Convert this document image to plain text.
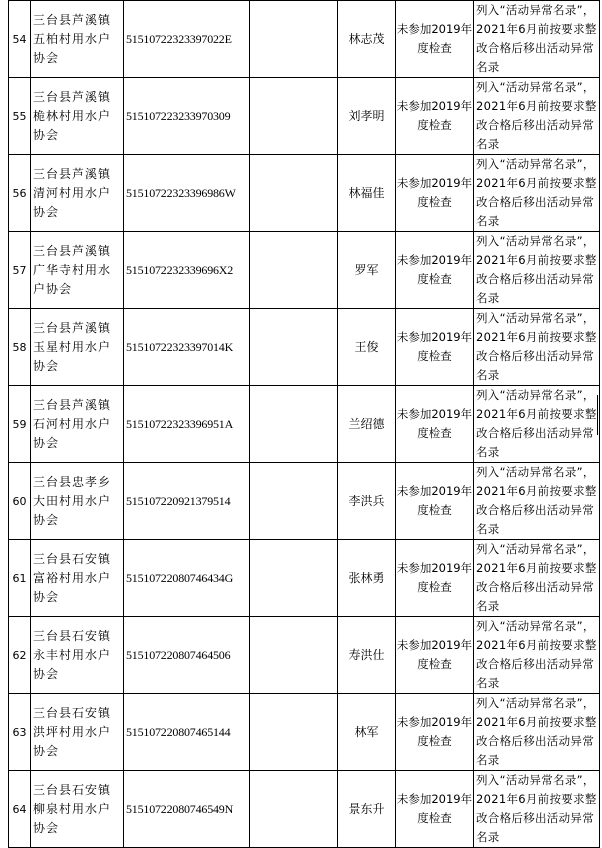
54	三台县芦溪镇五柏村用水户协会	51510722323397022E			林志茂	未参加2019年度检查	列入“活动异常名录”，2021年6月前按要求整改合格后移出活动异常名录
55	三台县芦溪镇桅林村用水户协会	515107223233970309			刘孝明	未参加2019年度检查	列入“活动异常名录”，2021年6月前按要求整改合格后移出活动异常名录
56	三台县芦溪镇清河村用水户协会	51510722323396986W			林福佳	未参加2019年度检查	列入“活动异常名录”，2021年6月前按要求整改合格后移出活动异常名录
57	三台县芦溪镇广华寺村用水户协会	5151072232339696X2			罗军	未参加2019年度检查	列入“活动异常名录”，2021年6月前按要求整改合格后移出活动异常名录
58	三台县芦溪镇玉星村用水户协会	51510722323397014K			王俊	未参加2019年度检查	列入“活动异常名录”，2021年6月前按要求整改合格后移出活动异常名录
59	三台县芦溪镇石河村用水户协会	51510722323396951A			兰绍德	未参加2019年度检查	列入“活动异常名录”，2021年6月前按要求整改合格后移出活动异常名录
60	三台县忠孝乡大田村用水户协会	515107220921379514			李洪兵	未参加2019年度检查	列入“活动异常名录”，2021年6月前按要求整改合格后移出活动异常名录
61	三台县石安镇富裕村用水户协会	51510722080746434G			张林勇	未参加2019年度检查	列入“活动异常名录”，2021年6月前按要求整改合格后移出活动异常名录
62	三台县石安镇永丰村用水户协会	515107220807464506			寿洪仕	未参加2019年度检查	列入“活动异常名录”，2021年6月前按要求整改合格后移出活动异常名录
63	三台县石安镇洪坪村用水户协会	515107220807465144			林军	未参加2019年度检查	列入“活动异常名录”，2021年6月前按要求整改合格后移出活动异常名录
64	三台县石安镇柳泉村用水户协会	51510722080746549N			景东升	未参加2019年度检查	列入“活动异常名录”，2021年6月前按要求整改合格后移出活动异常名录
